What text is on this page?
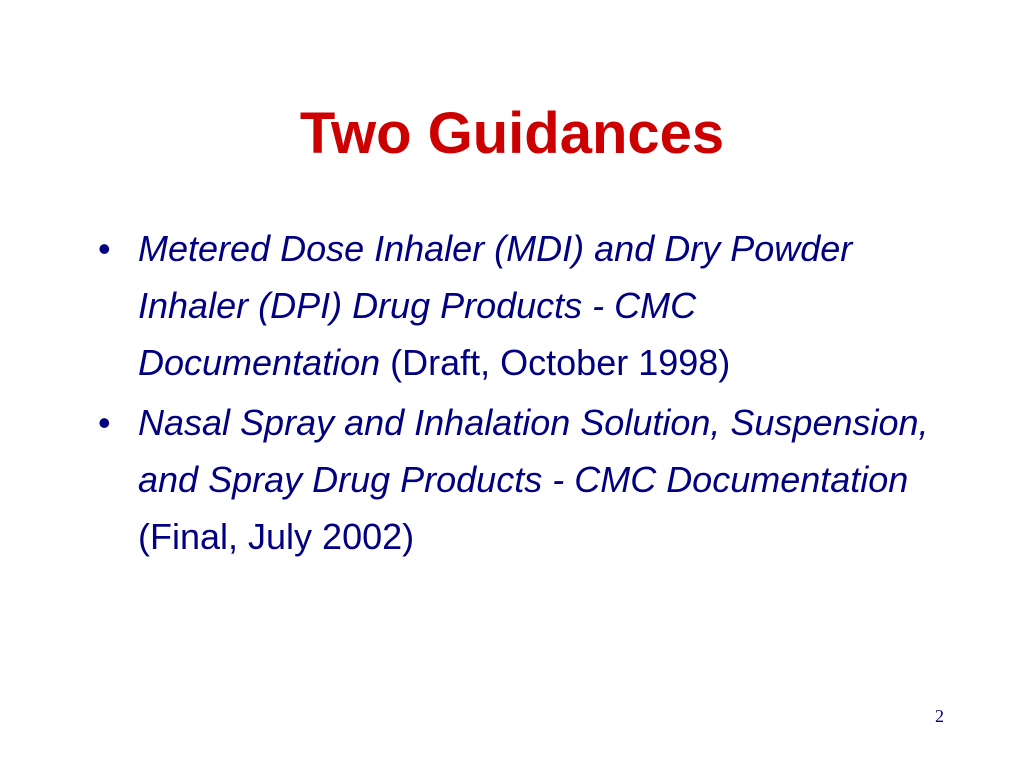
Two Guidances
• Metered Dose Inhaler (MDI) and Dry Powder Inhaler (DPI) Drug Products - CMC Documentation (Draft, October 1998)
• Nasal Spray and Inhalation Solution, Suspension, and Spray Drug Products - CMC Documentation (Final, July 2002)
2
